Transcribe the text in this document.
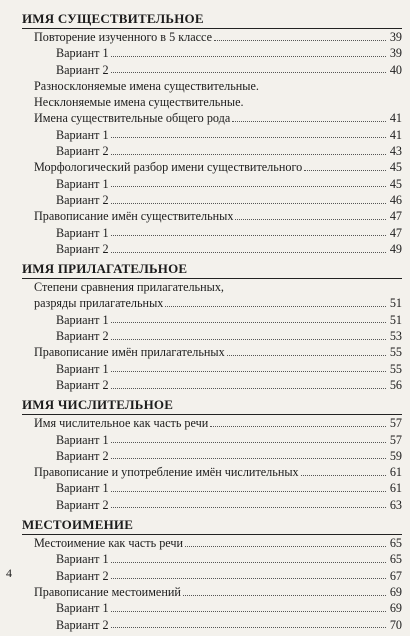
ИМЯ СУЩЕСТВИТЕЛЬНОЕ
Повторение изученного в 5 классе	39
Вариант 1	39
Вариант 2	40
Разносклоняемые имена существительные.
Несклоняемые имена существительные.
Имена существительные общего рода	41
Вариант 1	41
Вариант 2	43
Морфологический разбор имени существительного	45
Вариант 1	45
Вариант 2	46
Правописание имён существительных	47
Вариант 1	47
Вариант 2	49
ИМЯ ПРИЛАГАТЕЛЬНОЕ
Степени сравнения прилагательных,
разряды прилагательных	51
Вариант 1	51
Вариант 2	53
Правописание имён прилагательных	55
Вариант 1	55
Вариант 2	56
ИМЯ ЧИСЛИТЕЛЬНОЕ
Имя числительное как часть речи	57
Вариант 1	57
Вариант 2	59
Правописание и употребление имён числительных	61
Вариант 1	61
Вариант 2	63
МЕСТОИМЕНИЕ
Местоимение как часть речи	65
Вариант 1	65
Вариант 2	67
Правописание местоимений	69
Вариант 1	69
Вариант 2	70
4
